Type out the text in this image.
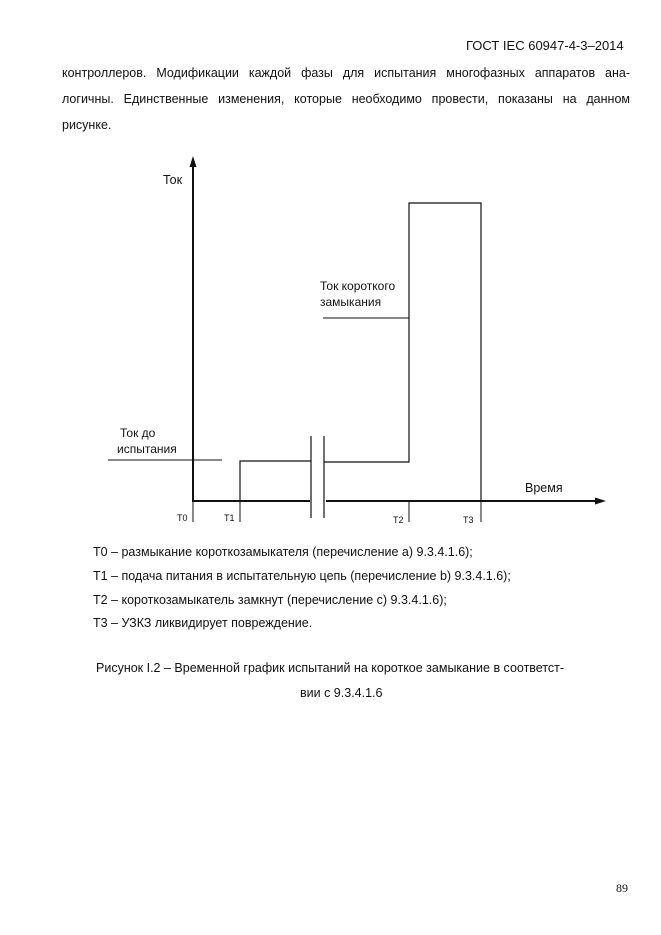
ГОСТ IEC 60947-4-3–2014
контроллеров. Модификации каждой фазы для испытания многофазных аппаратов ана-
логичны. Единственные изменения, которые необходимо провести, показаны на данном
рисунке.
Ток
Время
Ток короткого
замыкания
Ток до
испытания
T0	T1	T2	T3
T0 – размыкание короткозамыкателя (перечисление a) 9.3.4.1.6);
T1 – подача питания в испытательную цепь (перечисление b) 9.3.4.1.6);
T2 – короткозамыкатель замкнут (перечисление c) 9.3.4.1.6);
T3 – УЗКЗ ликвидирует повреждение.
Рисунок I.2 – Временной график испытаний на короткое замыкание в соответст-
вии с 9.3.4.1.6
89
